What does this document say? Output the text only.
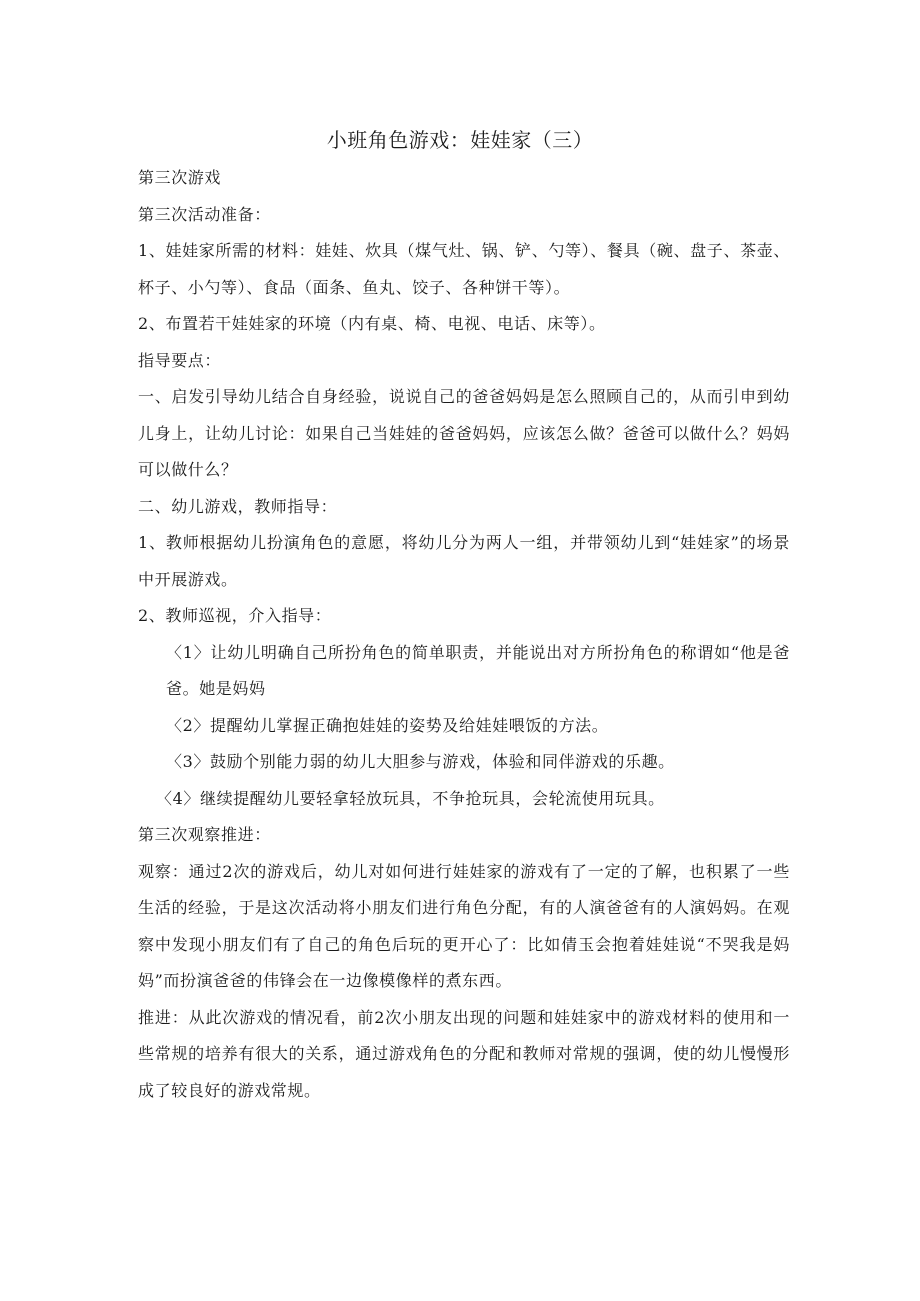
小班角色游戏：娃娃家（三）

第三次游戏

第三次活动准备：

1、娃娃家所需的材料：娃娃、炊具（煤气灶、锅、铲、勺等）、餐具（碗、盘子、茶壶、杯子、小勺等）、食品（面条、鱼丸、饺子、各种饼干等）。

2、布置若干娃娃家的环境（内有桌、椅、电视、电话、床等）。

指导要点：

一、启发引导幼儿结合自身经验，说说自己的爸爸妈妈是怎么照顾自己的，从而引申到幼儿身上，让幼儿讨论：如果自己当娃娃的爸爸妈妈，应该怎么做？爸爸可以做什么？妈妈可以做什么？

二、幼儿游戏，教师指导：

1、教师根据幼儿扮演角色的意愿，将幼儿分为两人一组，并带领幼儿到“娃娃家”的场景中开展游戏。

2、教师巡视，介入指导：

〈1〉让幼儿明确自己所扮角色的简单职责，并能说出对方所扮角色的称谓如“他是爸爸。她是妈妈

〈2〉提醒幼儿掌握正确抱娃娃的姿势及给娃娃喂饭的方法。

〈3〉鼓励个别能力弱的幼儿大胆参与游戏，体验和同伴游戏的乐趣。

〈4〉继续提醒幼儿要轻拿轻放玩具，不争抢玩具，会轮流使用玩具。

第三次观察推进：

观察：通过2次的游戏后，幼儿对如何进行娃娃家的游戏有了一定的了解，也积累了一些生活的经验，于是这次活动将小朋友们进行角色分配，有的人演爸爸有的人演妈妈。在观察中发现小朋友们有了自己的角色后玩的更开心了：比如倩玉会抱着娃娃说“不哭我是妈妈”而扮演爸爸的伟锋会在一边像模像样的煮东西。

推进：从此次游戏的情况看，前2次小朋友出现的问题和娃娃家中的游戏材料的使用和一些常规的培养有很大的关系，通过游戏角色的分配和教师对常规的强调，使的幼儿慢慢形成了较良好的游戏常规。
